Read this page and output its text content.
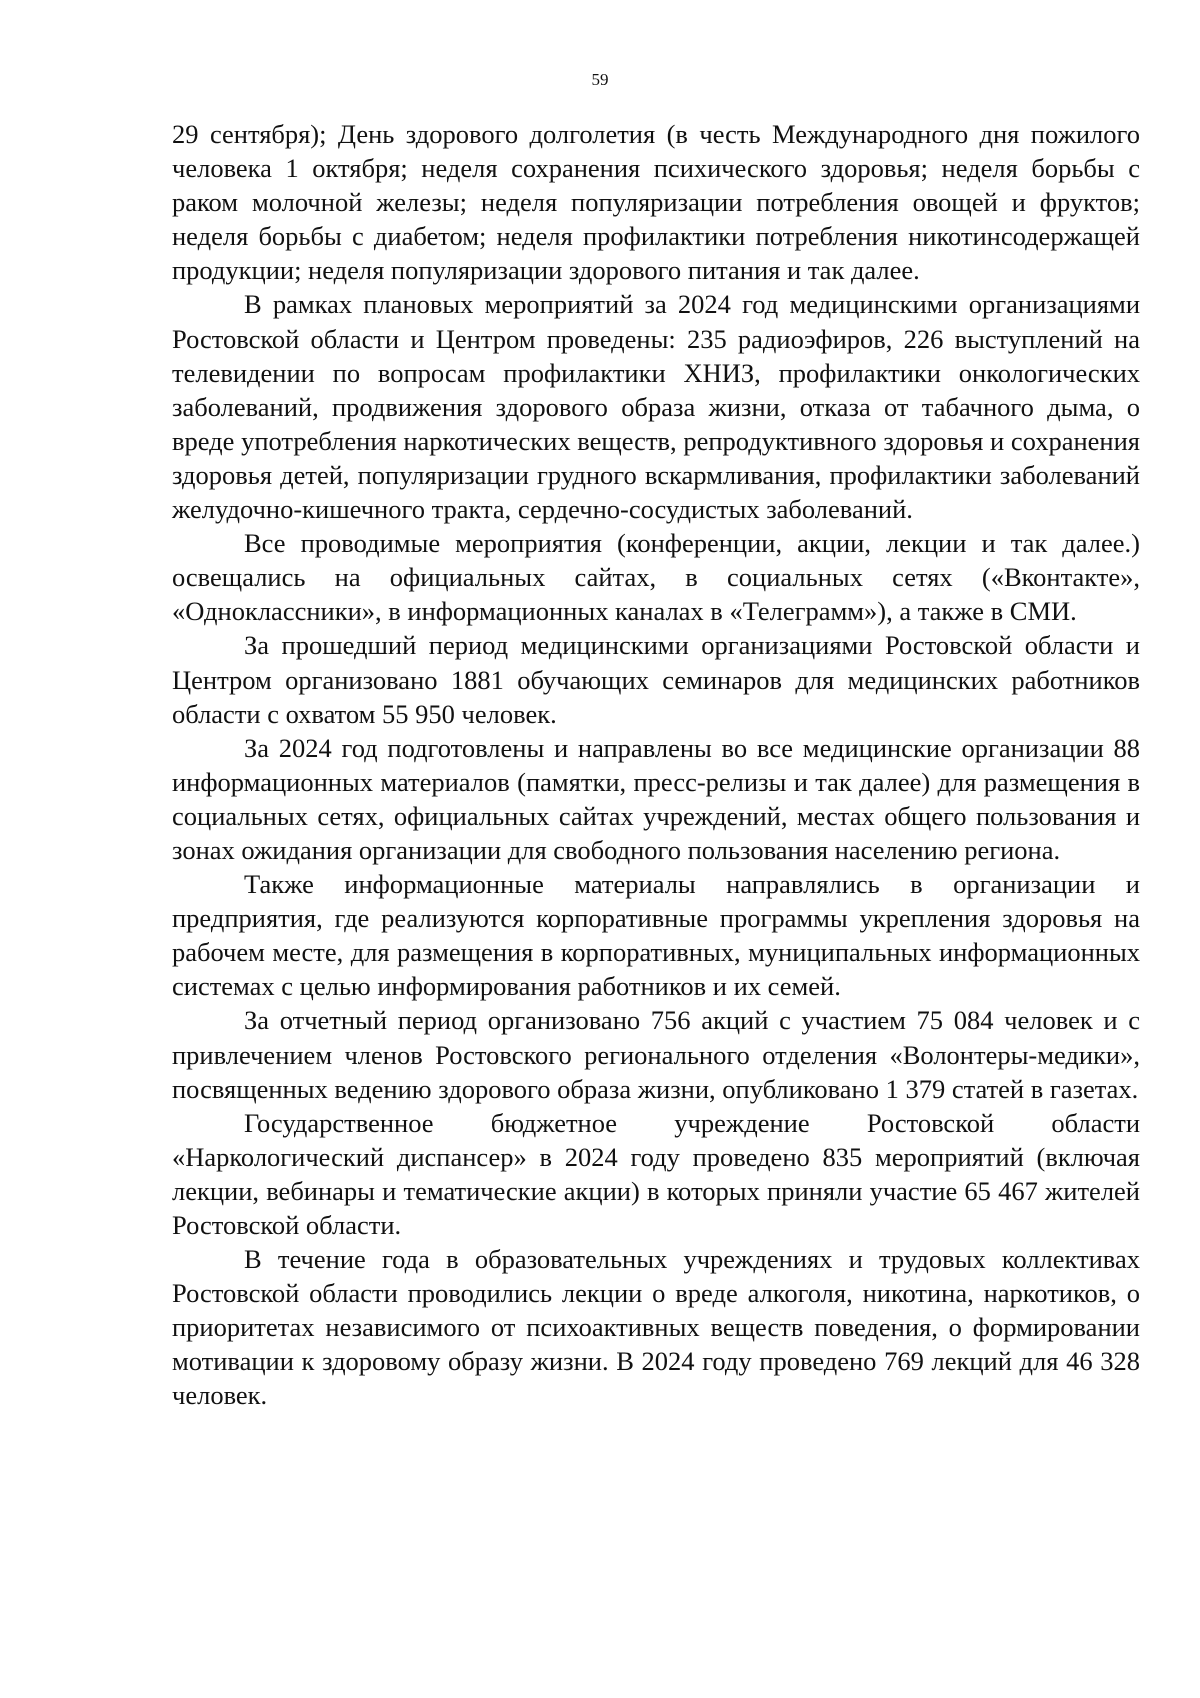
59

29 сентября); День здорового долголетия (в честь Международного дня пожилого человека 1 октября; неделя сохранения психического здоровья; неделя борьбы с раком молочной железы; неделя популяризации потребления овощей и фруктов; неделя борьбы с диабетом; неделя профилактики потребления никотинсодержащей продукции; неделя популяризации здорового питания и так далее.

В рамках плановых мероприятий за 2024 год медицинскими организациями Ростовской области и Центром проведены: 235 радиоэфиров, 226 выступлений на телевидении по вопросам профилактики ХНИЗ, профилактики онкологических заболеваний, продвижения здорового образа жизни, отказа от табачного дыма, о вреде употребления наркотических веществ, репродуктивного здоровья и сохранения здоровья детей, популяризации грудного вскармливания, профилактики заболеваний желудочно-кишечного тракта, сердечно-сосудистых заболеваний.

Все проводимые мероприятия (конференции, акции, лекции и так далее.) освещались на официальных сайтах, в социальных сетях («Вконтакте», «Одноклассники», в информационных каналах в «Телеграмм»), а также в СМИ.

За прошедший период медицинскими организациями Ростовской области и Центром организовано 1881 обучающих семинаров для медицинских работников области с охватом 55 950 человек.

За 2024 год подготовлены и направлены во все медицинские организации 88 информационных материалов (памятки, пресс-релизы и так далее) для размещения в социальных сетях, официальных сайтах учреждений, местах общего пользования и зонах ожидания организации для свободного пользования населению региона.

Также информационные материалы направлялись в организации и предприятия, где реализуются корпоративные программы укрепления здоровья на рабочем месте, для размещения в корпоративных, муниципальных информационных системах с целью информирования работников и их семей.

За отчетный период организовано 756 акций с участием 75 084 человек и с привлечением членов Ростовского регионального отделения «Волонтеры-медики», посвященных ведению здорового образа жизни, опубликовано 1 379 статей в газетах.

Государственное бюджетное учреждение Ростовской области «Наркологический диспансер» в 2024 году проведено 835 мероприятий (включая лекции, вебинары и тематические акции) в которых приняли участие 65 467 жителей Ростовской области.

В течение года в образовательных учреждениях и трудовых коллективах Ростовской области проводились лекции о вреде алкоголя, никотина, наркотиков, о приоритетах независимого от психоактивных веществ поведения, о формировании мотивации к здоровому образу жизни. В 2024 году проведено 769 лекций для 46 328 человек.
